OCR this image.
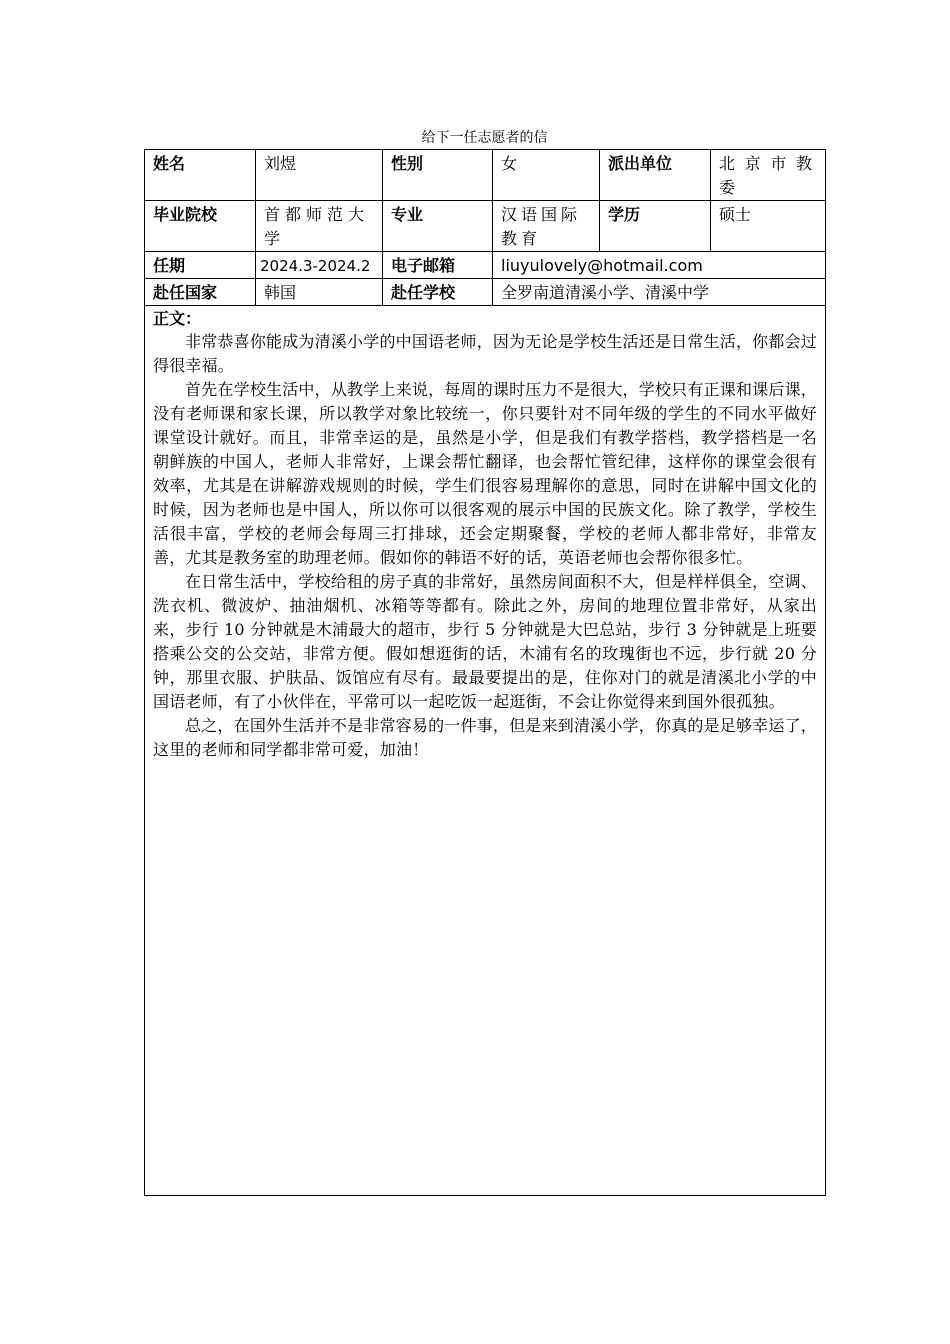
给下一任志愿者的信
姓名	刘煜	性别	女	派出单位	北京市教委
毕业院校	首都师范大学	专业	汉语国际教育	学历	硕士
任期	2024.3-2024.2	电子邮箱	liuyulovely@hotmail.com		
赴任国家	韩国	赴任学校	全罗南道清溪小学、清溪中学		

正文：

非常恭喜你能成为清溪小学的中国语老师，因为无论是学校生活还是日常生活，你都会过得很幸福。

首先在学校生活中，从教学上来说，每周的课时压力不是很大，学校只有正课和课后课，没有老师课和家长课，所以教学对象比较统一，你只要针对不同年级的学生的不同水平做好课堂设计就好。而且，非常幸运的是，虽然是小学，但是我们有教学搭档，教学搭档是一名朝鲜族的中国人，老师人非常好，上课会帮忙翻译，也会帮忙管纪律，这样你的课堂会很有效率，尤其是在讲解游戏规则的时候，学生们很容易理解你的意思，同时在讲解中国文化的时候，因为老师也是中国人，所以你可以很客观的展示中国的民族文化。除了教学，学校生活很丰富，学校的老师会每周三打排球，还会定期聚餐，学校的老师人都非常好，非常友善，尤其是教务室的助理老师。假如你的韩语不好的话，英语老师也会帮你很多忙。

在日常生活中，学校给租的房子真的非常好，虽然房间面积不大，但是样样俱全，空调、洗衣机、微波炉、抽油烟机、冰箱等等都有。除此之外，房间的地理位置非常好，从家出来，步行 10 分钟就是木浦最大的超市，步行 5 分钟就是大巴总站，步行 3 分钟就是上班要搭乘公交的公交站，非常方便。假如想逛街的话，木浦有名的玫瑰街也不远，步行就 20 分钟，那里衣服、护肤品、饭馆应有尽有。最最要提出的是，住你对门的就是清溪北小学的中国语老师，有了小伙伴在，平常可以一起吃饭一起逛街，不会让你觉得来到国外很孤独。

总之，在国外生活并不是非常容易的一件事，但是来到清溪小学，你真的是足够幸运了，这里的老师和同学都非常可爱，加油！					
